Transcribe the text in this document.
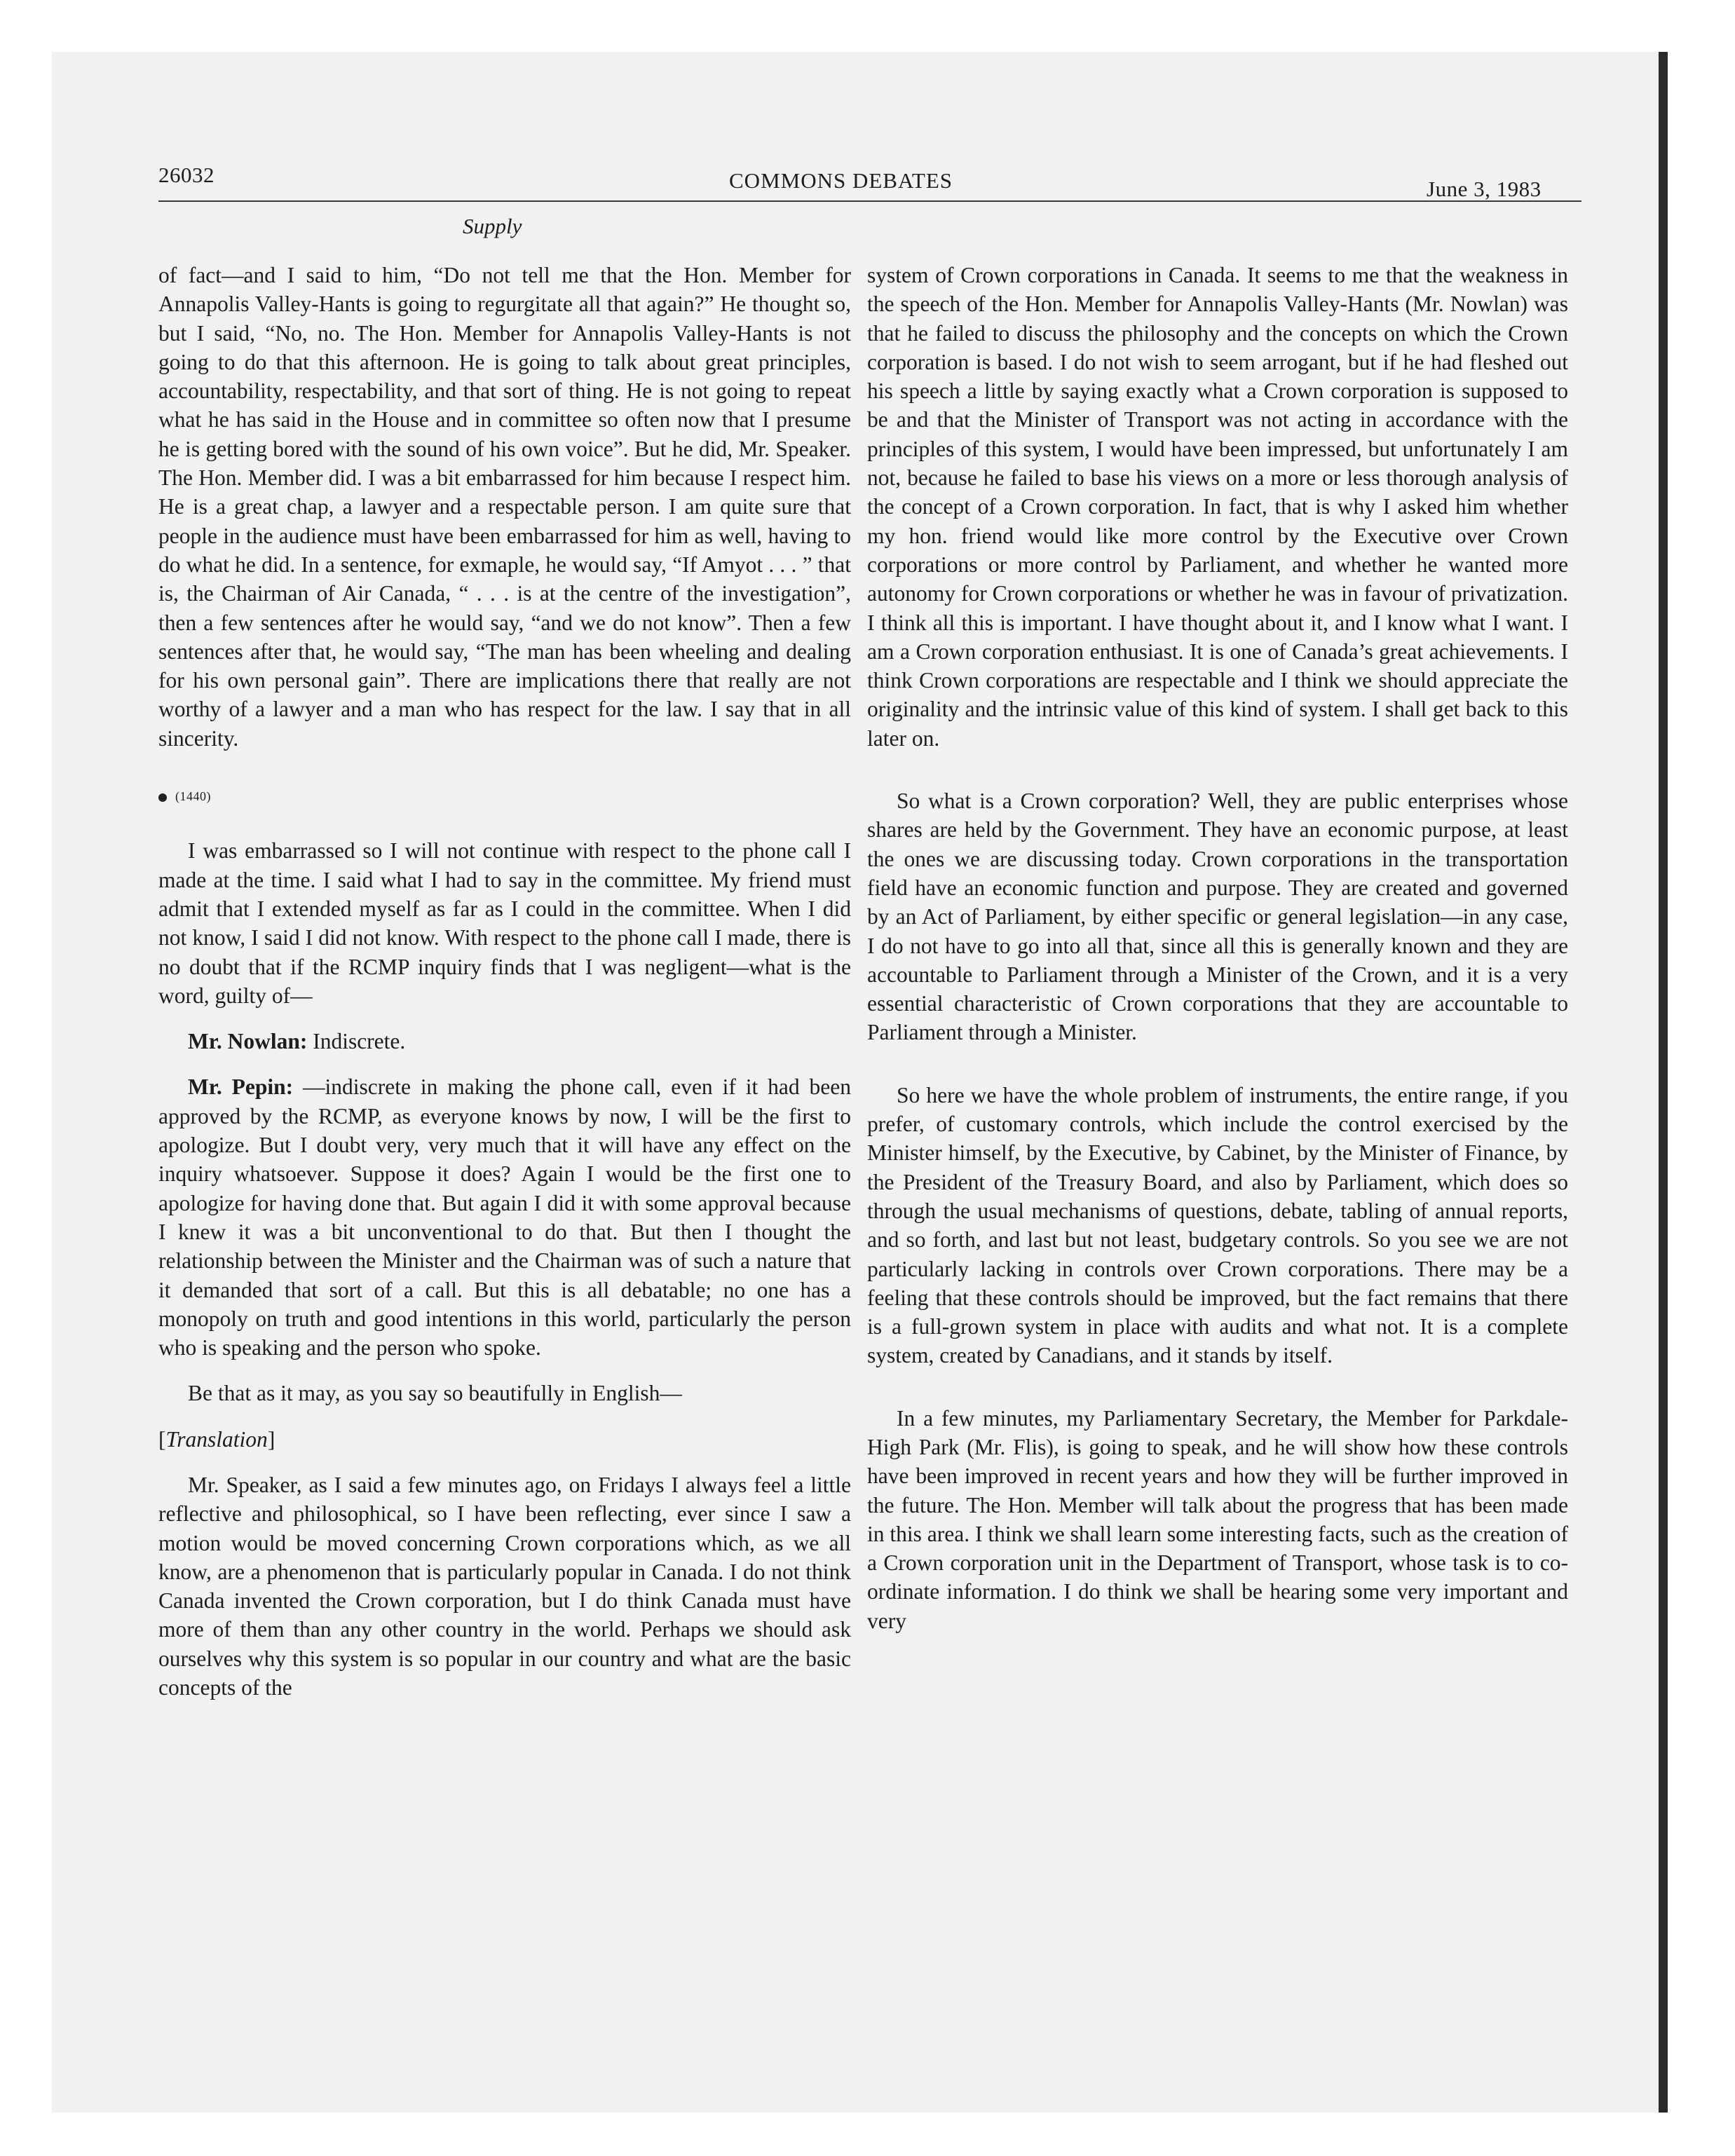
26032	COMMONS DEBATES	June 3, 1983
Supply

of fact—and I said to him, “Do not tell me that the Hon. Member for Annapolis Valley-Hants is going to regurgitate all that again?” He thought so, but I said, “No, no. The Hon. Member for Annapolis Valley-Hants is not going to do that this afternoon. He is going to talk about great principles, accountability, respectability, and that sort of thing. He is not going to repeat what he has said in the House and in committee so often now that I presume he is getting bored with the sound of his own voice”. But he did, Mr. Speaker. The Hon. Member did. I was a bit embarrassed for him because I respect him. He is a great chap, a lawyer and a respectable person. I am quite sure that people in the audience must have been embarrassed for him as well, having to do what he did. In a sentence, for exmaple, he would say, “If Amyot . . . ” that is, the Chairman of Air Canada, “ . . . is at the centre of the investigation”, then a few sentences after he would say, “and we do not know”. Then a few sentences after that, he would say, “The man has been wheeling and dealing for his own personal gain”. There are implications there that really are not worthy of a lawyer and a man who has respect for the law. I say that in all sincerity.

(1440)

I was embarrassed so I will not continue with respect to the phone call I made at the time. I said what I had to say in the committee. My friend must admit that I extended myself as far as I could in the committee. When I did not know, I said I did not know. With respect to the phone call I made, there is no doubt that if the RCMP inquiry finds that I was negligent—what is the word, guilty of—

Mr. Nowlan: Indiscrete.

Mr. Pepin: —indiscrete in making the phone call, even if it had been approved by the RCMP, as everyone knows by now, I will be the first to apologize. But I doubt very, very much that it will have any effect on the inquiry whatsoever. Suppose it does? Again I would be the first one to apologize for having done that. But again I did it with some approval because I knew it was a bit unconventional to do that. But then I thought the relationship between the Minister and the Chairman was of such a nature that it demanded that sort of a call. But this is all debatable; no one has a monopoly on truth and good intentions in this world, particularly the person who is speaking and the person who spoke.

Be that as it may, as you say so beautifully in English—

[Translation]

Mr. Speaker, as I said a few minutes ago, on Fridays I always feel a little reflective and philosophical, so I have been reflecting, ever since I saw a motion would be moved concerning Crown corporations which, as we all know, are a phenomenon that is particularly popular in Canada. I do not think Canada invented the Crown corporation, but I do think Canada must have more of them than any other country in the world. Perhaps we should ask ourselves why this system is so popular in our country and what are the basic concepts of the

system of Crown corporations in Canada. It seems to me that the weakness in the speech of the Hon. Member for Annapolis Valley-Hants (Mr. Nowlan) was that he failed to discuss the philosophy and the concepts on which the Crown corporation is based. I do not wish to seem arrogant, but if he had fleshed out his speech a little by saying exactly what a Crown corporation is supposed to be and that the Minister of Transport was not acting in accordance with the principles of this system, I would have been impressed, but unfortunately I am not, because he failed to base his views on a more or less thorough analysis of the concept of a Crown corporation. In fact, that is why I asked him whether my hon. friend would like more control by the Executive over Crown corporations or more control by Parliament, and whether he wanted more autonomy for Crown corporations or whether he was in favour of privatization. I think all this is important. I have thought about it, and I know what I want. I am a Crown corporation enthusiast. It is one of Canada’s great achievements. I think Crown corporations are respectable and I think we should appreciate the originality and the intrinsic value of this kind of system. I shall get back to this later on.

So what is a Crown corporation? Well, they are public enterprises whose shares are held by the Government. They have an economic purpose, at least the ones we are discussing today. Crown corporations in the transportation field have an economic function and purpose. They are created and governed by an Act of Parliament, by either specific or general legislation—in any case, I do not have to go into all that, since all this is generally known and they are accountable to Parliament through a Minister of the Crown, and it is a very essential characteristic of Crown corporations that they are accountable to Parliament through a Minister.

So here we have the whole problem of instruments, the entire range, if you prefer, of customary controls, which include the control exercised by the Minister himself, by the Executive, by Cabinet, by the Minister of Finance, by the President of the Treasury Board, and also by Parliament, which does so through the usual mechanisms of questions, debate, tabling of annual reports, and so forth, and last but not least, budgetary controls. So you see we are not particularly lacking in controls over Crown corporations. There may be a feeling that these controls should be improved, but the fact remains that there is a full-grown system in place with audits and what not. It is a complete system, created by Canadians, and it stands by itself.

In a few minutes, my Parliamentary Secretary, the Member for Parkdale-High Park (Mr. Flis), is going to speak, and he will show how these controls have been improved in recent years and how they will be further improved in the future. The Hon. Member will talk about the progress that has been made in this area. I think we shall learn some interesting facts, such as the creation of a Crown corporation unit in the Department of Transport, whose task is to co-ordinate information. I do think we shall be hearing some very important and very
